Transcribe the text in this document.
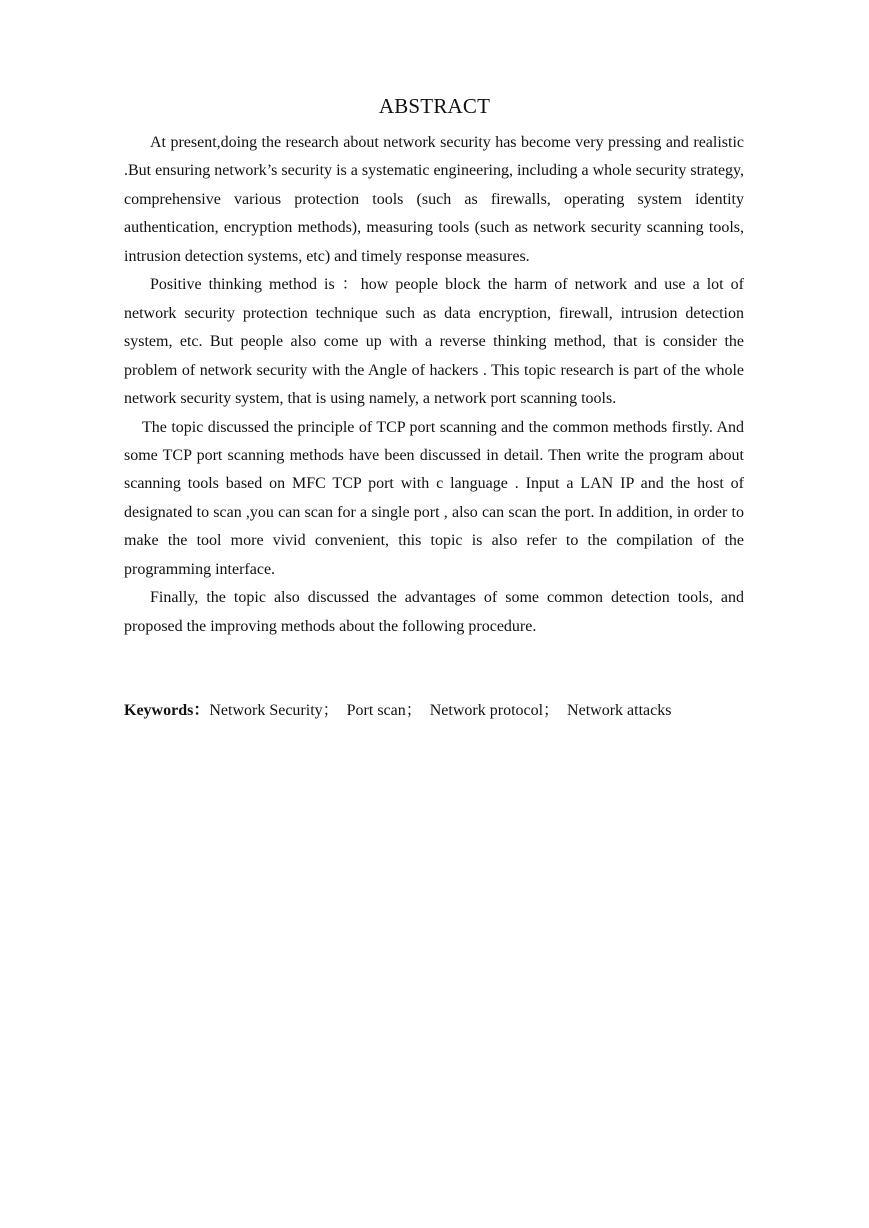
ABSTRACT

At present,doing the research about network security has become very pressing and realistic .But ensuring network’s security is a systematic engineering, including a whole security strategy, comprehensive various protection tools (such as firewalls, operating system identity authentication, encryption methods), measuring tools (such as network security scanning tools, intrusion detection systems, etc) and timely response measures.

Positive thinking method is ：how people block the harm of network and use a lot of network security protection technique such as data encryption, firewall, intrusion detection system, etc. But people also come up with a reverse thinking method, that is consider the problem of network security with the Angle of hackers . This topic research is part of the whole network security system, that is using namely, a network port scanning tools.

The topic discussed the principle of TCP port scanning and the common methods firstly. And some TCP port scanning methods have been discussed in detail. Then write the program about scanning tools based on MFC TCP port with c language . Input a LAN IP and the host of designated to scan ,you can scan for a single port , also can scan the port. In addition, in order to make the tool more vivid convenient, this topic is also refer to the compilation of the programming interface.

Finally, the topic also discussed the advantages of some common detection tools, and proposed the improving methods about the following procedure.

Keywords：Network Security；  Port scan；  Network protocol；  Network attacks
